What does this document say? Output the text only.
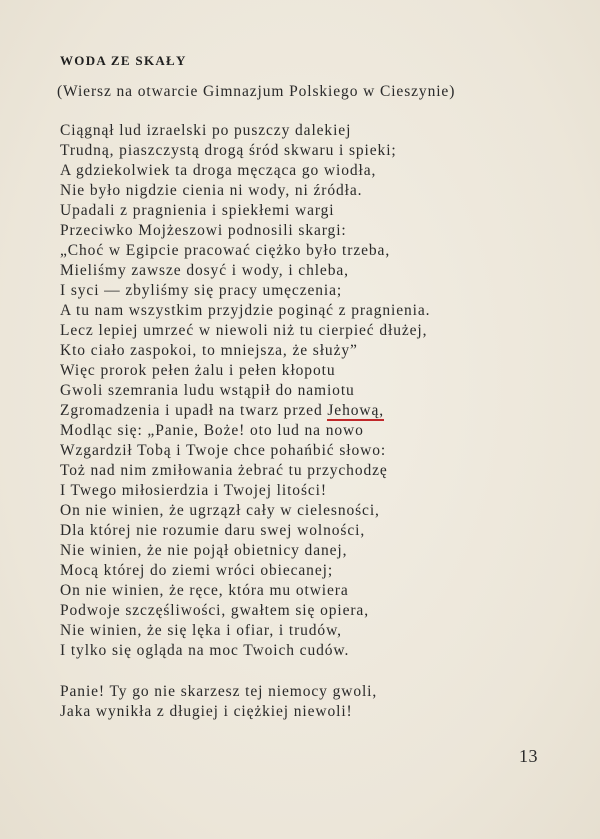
WODA ZE SKAŁY
(Wiersz na otwarcie Gimnazjum Polskiego w Cieszynie)
Ciągnął lud izraelski po puszczy dalekiej
Trudną, piaszczystą drogą śród skwaru i spieki;
A gdziekolwiek ta droga męcząca go wiodła,
Nie było nigdzie cienia ni wody, ni źródła.
Upadali z pragnienia i spiekłemi wargi
Przeciwko Mojżeszowi podnosili skargi:
„Choć w Egipcie pracować ciężko było trzeba,
Mieliśmy zawsze dosyć i wody, i chleba,
I syci — zbyliśmy się pracy umęczenia;
A tu nam wszystkim przyjdzie poginąć z pragnienia.
Lecz lepiej umrzeć w niewoli niż tu cierpieć dłużej,
Kto ciało zaspokoi, to mniejsza, że służy”
Więc prorok pełen żalu i pełen kłopotu
Gwoli szemrania ludu wstąpił do namiotu
Zgromadzenia i upadł na twarz przed Jehową,
Modląc się: „Panie, Boże! oto lud na nowo
Wzgardził Tobą i Twoje chce pohańbić słowo:
Toż nad nim zmiłowania żebrać tu przychodzę
I Twego miłosierdzia i Twojej litości!
On nie winien, że ugrzązł cały w cielesności,
Dla której nie rozumie daru swej wolności,
Nie winien, że nie pojął obietnicy danej,
Mocą której do ziemi wróci obiecanej;
On nie winien, że ręce, która mu otwiera
Podwoje szczęśliwości, gwałtem się opiera,
Nie winien, że się lęka i ofiar, i trudów,
I tylko się ogląda na moc Twoich cudów.
Panie! Ty go nie skarzesz tej niemocy gwoli,
Jaka wynikła z długiej i ciężkiej niewoli!
13
